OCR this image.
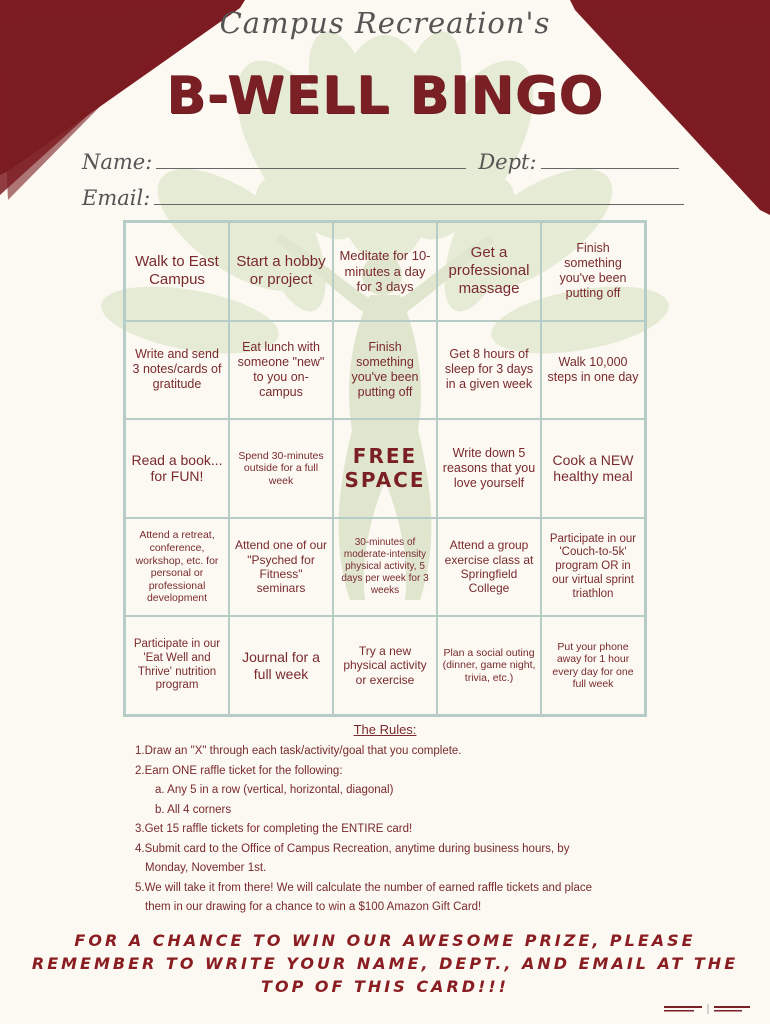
Campus Recreation's
B-WELL BINGO
Name:	Dept:
Email:
Walk to East Campus
Start a hobby or project
Meditate for 10-minutes a day for 3 days
Get a professional massage
Finish something you've been putting off
Write and send 3 notes/cards of gratitude
Eat lunch with someone "new" to you on-campus
Finish something you've been putting off
Get 8 hours of sleep for 3 days in a given week
Walk 10,000 steps in one day
Read a book... for FUN!
Spend 30-minutes outside for a full week
FREE SPACE
Write down 5 reasons that you love yourself
Cook a NEW healthy meal
Attend a retreat, conference, workshop, etc. for personal or professional development
Attend one of our "Psyched for Fitness" seminars
30-minutes of moderate-intensity physical activity, 5 days per week for 3 weeks
Attend a group exercise class at Springfield College
Participate in our 'Couch-to-5k' program OR in our virtual sprint triathlon
Participate in our 'Eat Well and Thrive' nutrition program
Journal for a full week
Try a new physical activity or exercise
Plan a social outing (dinner, game night, trivia, etc.)
Put your phone away for 1 hour every day for one full week
The Rules:
1.Draw an "X" through each task/activity/goal that you complete.
2.Earn ONE raffle ticket for the following:
a. Any 5 in a row (vertical, horizontal, diagonal)
b. All 4 corners
3.Get 15 raffle tickets for completing the ENTIRE card!
4.Submit card to the Office of Campus Recreation, anytime during business hours, by
Monday, November 1st.
5.We will take it from there! We will calculate the number of earned raffle tickets and place
them in our drawing for a chance to win a $100 Amazon Gift Card!
FOR A CHANCE TO WIN OUR AWESOME PRIZE, PLEASE
REMEMBER TO WRITE YOUR NAME, DEPT., AND EMAIL AT THE
TOP OF THIS CARD!!!
